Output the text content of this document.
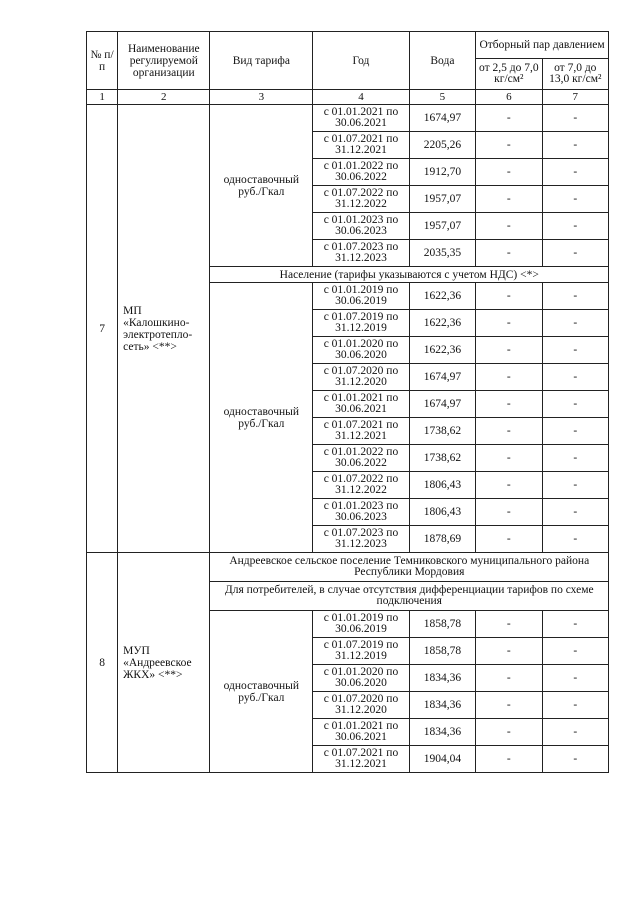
№ п/п	Наименование регулируемой организации	Вид тарифа	Год	Вода	Отборный пар давлением	
					от 2,5 до 7,0 кг/см²	от 7,0 до 13,0 кг/см²
1	2	3	4	5	6	7
7	МП «Калошкино-электротепло-сеть» <**>	одноставочный руб./Гкал	с 01.01.2021 по 30.06.2021	1674,97	-	-
			с 01.07.2021 по 31.12.2021	2205,26	-	-
			с 01.01.2022 по 30.06.2022	1912,70	-	-
			с 01.07.2022 по 31.12.2022	1957,07	-	-
			с 01.01.2023 по 30.06.2023	1957,07	-	-
			с 01.07.2023 по 31.12.2023	2035,35	-	-
		Население (тарифы указываются с учетом НДС) <*>				
		одноставочный руб./Гкал	с 01.01.2019 по 30.06.2019	1622,36	-	-
			с 01.07.2019 по 31.12.2019	1622,36	-	-
			с 01.01.2020 по 30.06.2020	1622,36	-	-
			с 01.07.2020 по 31.12.2020	1674,97	-	-
			с 01.01.2021 по 30.06.2021	1674,97	-	-
			с 01.07.2021 по 31.12.2021	1738,62	-	-
			с 01.01.2022 по 30.06.2022	1738,62	-	-
			с 01.07.2022 по 31.12.2022	1806,43	-	-
			с 01.01.2023 по 30.06.2023	1806,43	-	-
			с 01.07.2023 по 31.12.2023	1878,69	-	-
8	МУП «Андреевское ЖКХ» <**>	Андреевское сельское поселение Темниковского муниципального района Республики Мордовия				
		Для потребителей, в случае отсутствия дифференциации тарифов по схеме подключения				
		одноставочный руб./Гкал	с 01.01.2019 по 30.06.2019	1858,78	-	-
			с 01.07.2019 по 31.12.2019	1858,78	-	-
			с 01.01.2020 по 30.06.2020	1834,36	-	-
			с 01.07.2020 по 31.12.2020	1834,36	-	-
			с 01.01.2021 по 30.06.2021	1834,36	-	-
			с 01.07.2021 по 31.12.2021	1904,04	-	-
